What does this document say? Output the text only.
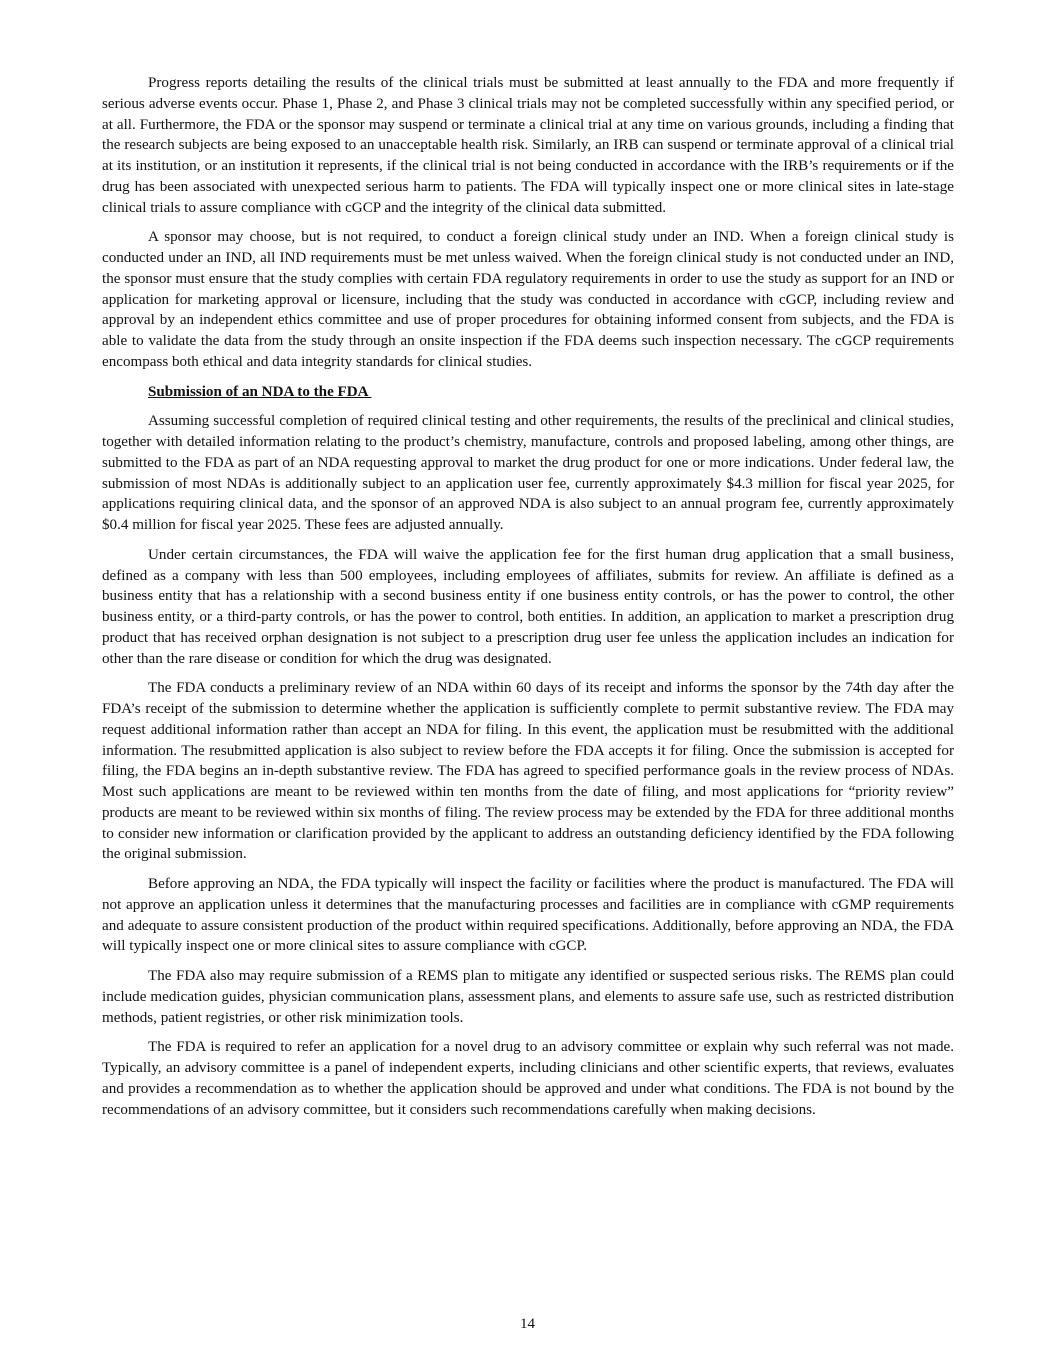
Progress reports detailing the results of the clinical trials must be submitted at least annually to the FDA and more frequently if serious adverse events occur. Phase 1, Phase 2, and Phase 3 clinical trials may not be completed successfully within any specified period, or at all. Furthermore, the FDA or the sponsor may suspend or terminate a clinical trial at any time on various grounds, including a finding that the research subjects are being exposed to an unacceptable health risk. Similarly, an IRB can suspend or terminate approval of a clinical trial at its institution, or an institution it represents, if the clinical trial is not being conducted in accordance with the IRB’s requirements or if the drug has been associated with unexpected serious harm to patients. The FDA will typically inspect one or more clinical sites in late-stage clinical trials to assure compliance with cGCP and the integrity of the clinical data submitted.

A sponsor may choose, but is not required, to conduct a foreign clinical study under an IND. When a foreign clinical study is conducted under an IND, all IND requirements must be met unless waived. When the foreign clinical study is not conducted under an IND, the sponsor must ensure that the study complies with certain FDA regulatory requirements in order to use the study as support for an IND or application for marketing approval or licensure, including that the study was conducted in accordance with cGCP, including review and approval by an independent ethics committee and use of proper procedures for obtaining informed consent from subjects, and the FDA is able to validate the data from the study through an onsite inspection if the FDA deems such inspection necessary. The cGCP requirements encompass both ethical and data integrity standards for clinical studies.

Submission of an NDA to the FDA

Assuming successful completion of required clinical testing and other requirements, the results of the preclinical and clinical studies, together with detailed information relating to the product’s chemistry, manufacture, controls and proposed labeling, among other things, are submitted to the FDA as part of an NDA requesting approval to market the drug product for one or more indications. Under federal law, the submission of most NDAs is additionally subject to an application user fee, currently approximately $4.3 million for fiscal year 2025, for applications requiring clinical data, and the sponsor of an approved NDA is also subject to an annual program fee, currently approximately $0.4 million for fiscal year 2025. These fees are adjusted annually.

Under certain circumstances, the FDA will waive the application fee for the first human drug application that a small business, defined as a company with less than 500 employees, including employees of affiliates, submits for review. An affiliate is defined as a business entity that has a relationship with a second business entity if one business entity controls, or has the power to control, the other business entity, or a third-party controls, or has the power to control, both entities. In addition, an application to market a prescription drug product that has received orphan designation is not subject to a prescription drug user fee unless the application includes an indication for other than the rare disease or condition for which the drug was designated.

The FDA conducts a preliminary review of an NDA within 60 days of its receipt and informs the sponsor by the 74th day after the FDA’s receipt of the submission to determine whether the application is sufficiently complete to permit substantive review. The FDA may request additional information rather than accept an NDA for filing. In this event, the application must be resubmitted with the additional information. The resubmitted application is also subject to review before the FDA accepts it for filing. Once the submission is accepted for filing, the FDA begins an in-depth substantive review. The FDA has agreed to specified performance goals in the review process of NDAs. Most such applications are meant to be reviewed within ten months from the date of filing, and most applications for “priority review” products are meant to be reviewed within six months of filing. The review process may be extended by the FDA for three additional months to consider new information or clarification provided by the applicant to address an outstanding deficiency identified by the FDA following the original submission.

Before approving an NDA, the FDA typically will inspect the facility or facilities where the product is manufactured. The FDA will not approve an application unless it determines that the manufacturing processes and facilities are in compliance with cGMP requirements and adequate to assure consistent production of the product within required specifications. Additionally, before approving an NDA, the FDA will typically inspect one or more clinical sites to assure compliance with cGCP.

The FDA also may require submission of a REMS plan to mitigate any identified or suspected serious risks. The REMS plan could include medication guides, physician communication plans, assessment plans, and elements to assure safe use, such as restricted distribution methods, patient registries, or other risk minimization tools.

The FDA is required to refer an application for a novel drug to an advisory committee or explain why such referral was not made. Typically, an advisory committee is a panel of independent experts, including clinicians and other scientific experts, that reviews, evaluates and provides a recommendation as to whether the application should be approved and under what conditions. The FDA is not bound by the recommendations of an advisory committee, but it considers such recommendations carefully when making decisions.

14
